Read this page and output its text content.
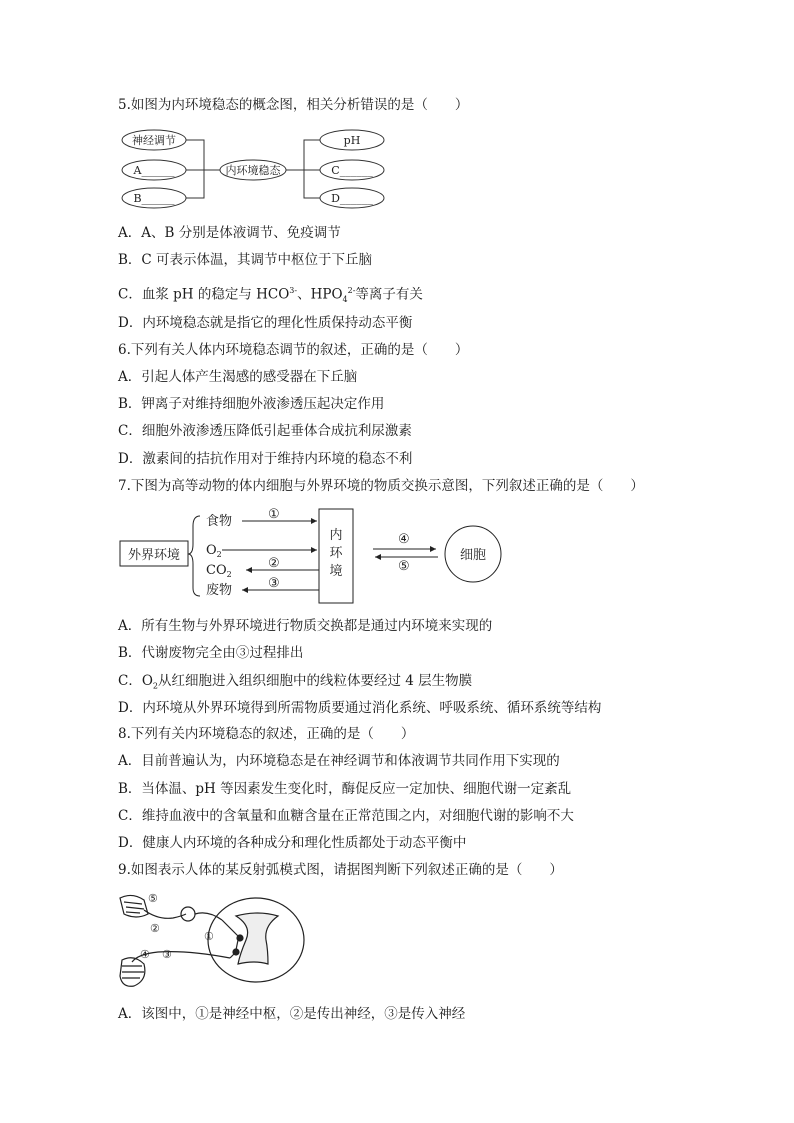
5.如图为内环境稳态的概念图，相关分析错误的是（　　）
神经调节
A______
B______
内环境稳态
pH
C______
D______
A．A、B 分别是体液调节、免疫调节
B．C 可表示体温，其调节中枢位于下丘脑
C．血浆 pH 的稳定与 $HCO^{3-}$、$HPO_4^{2-}$等离子有关
D．内环境稳态就是指它的理化性质保持动态平衡
6.下列有关人体内环境稳态调节的叙述，正确的是（　　）
A．引起人体产生渴感的感受器在下丘脑
B．钾离子对维持细胞外液渗透压起决定作用
C．细胞外液渗透压降低引起垂体合成抗利尿激素
D．激素间的拮抗作用对于维持内环境的稳态不利
7.下图为高等动物的体内细胞与外界环境的物质交换示意图，下列叙述正确的是（　　）
外界环境
食物
$O_2$
$CO_2$
废物
内
环
境
细胞
①
②
③
④
⑤
A．所有生物与外界环境进行物质交换都是通过内环境来实现的
B．代谢废物完全由③过程排出
C．$O_2$从红细胞进入组织细胞中的线粒体要经过 4 层生物膜
D．内环境从外界环境得到所需物质要通过消化系统、呼吸系统、循环系统等结构
8.下列有关内环境稳态的叙述，正确的是（　　）
A．目前普遍认为，内环境稳态是在神经调节和体液调节共同作用下实现的
B．当体温、pH 等因素发生变化时，酶促反应一定加快、细胞代谢一定紊乱
C．维持血液中的含氧量和血糖含量在正常范围之内，对细胞代谢的影响不大
D．健康人内环境的各种成分和理化性质都处于动态平衡中
9.如图表示人体的某反射弧模式图，请据图判断下列叙述正确的是（　　）
⑤
②
③
④
①
A．该图中，①是神经中枢，②是传出神经，③是传入神经
